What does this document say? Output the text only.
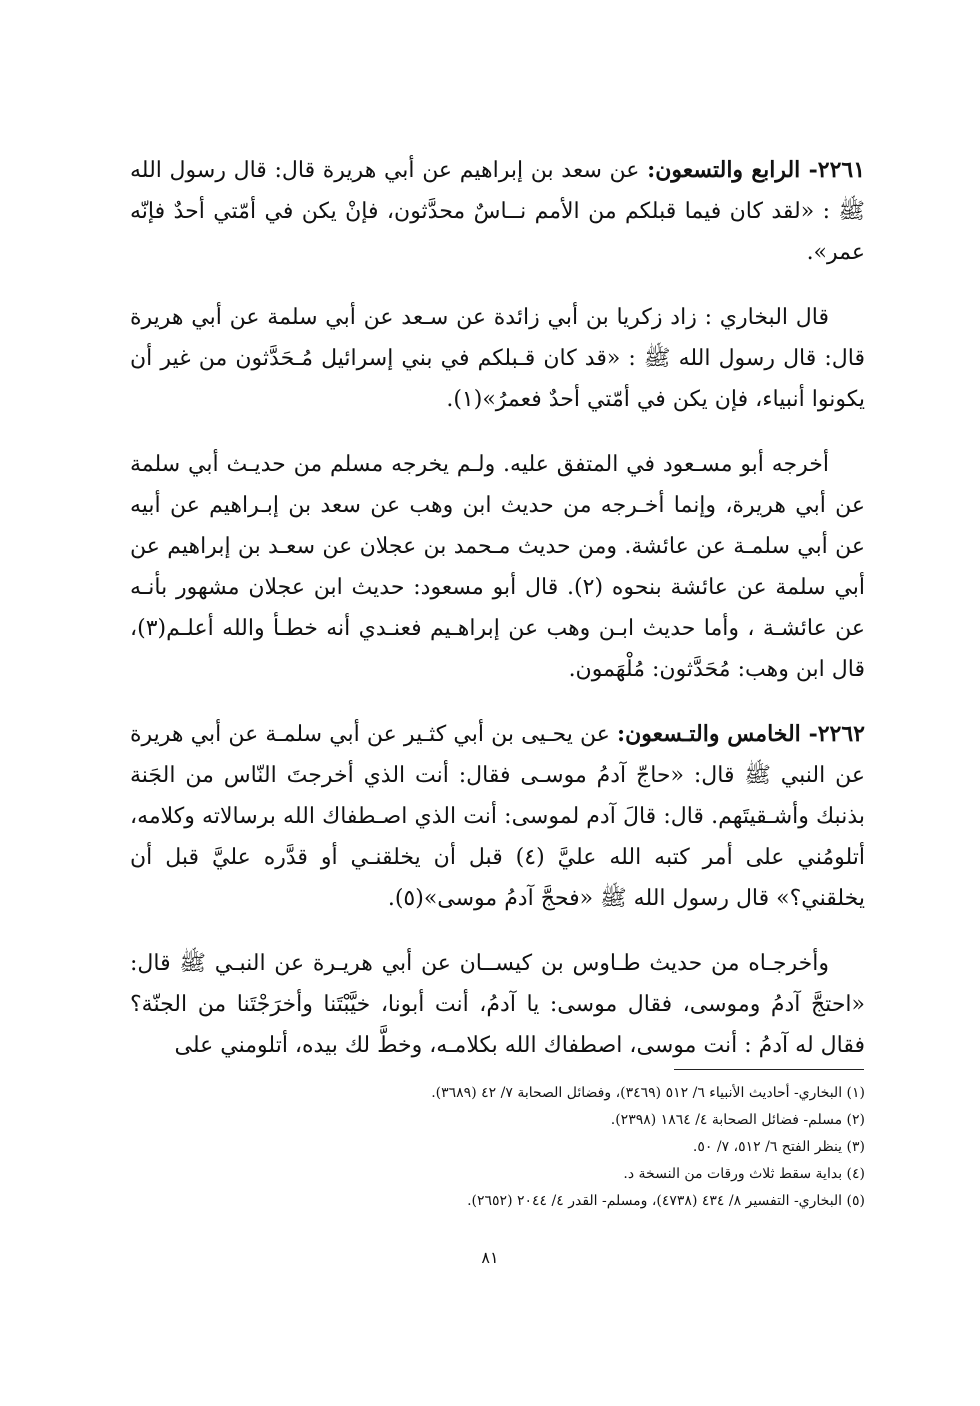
٢٢٦١- الرابع والتسعون: عن سعد بن إبراهيم عن أبي هريرة قال: قال رسول الله ﷺ : «لقد كان فيما قبلكم من الأمم نــاسٌ محدَّثون، فإنْ يكن في أمّتي أحدٌ فإنّه عمر».

قال البخاري : زاد زكريا بن أبي زائدة عن سـعد عن أبي سلمة عن أبي هريرة قال: قال رسول الله ﷺ : «قد كان قـبلكم في بني إسرائيل مُـحَدَّثون من غير أن يكونوا أنبياء، فإن يكن في أمّتي أحدٌ فعمرُ»(١).

أخرجه أبو مسـعود في المتفق عليه. ولـم يخرجه مسلم من حديـث أبي سلمة عن أبي هريرة، وإنما أخـرجه من حديث ابن وهب عن سعد بن إبـراهيم عن أبيه عن أبي سلمـة عن عائشة. ومن حديث مـحمد بن عجلان عن سعـد بن إبراهيم عن أبي سلمة عن عائشة بنحوه (٢). قال أبو مسعود: حديث ابن عجلان مشهور بأنـه عن عائشـة ، وأما حديث ابـن وهب عن إبراهـيم فعنـدي أنه خطـأ والله أعلـم(٣)، قال ابن وهب: مُحَدَّثون: مُلْهَمون.

٢٢٦٢- الخامس والتـسعون: عن يحـيى بن أبي كثـير عن أبي سلمـة عن أبي هريرة عن النبي ﷺ قال: «حاجّ آدمُ موسـى فقال: أنت الذي أخرجتَ النّاس من الجَنة بذنبك وأشـقيتَهم. قال: قالَ آدم لموسى: أنت الذي اصـطفاك الله برسالاته وكلامه، أتلومُني على أمر كتبه الله عليَّ (٤) قبل أن يخلقنـي أو قدَّره عليَّ قبل أن يخلقني؟» قال رسول الله ﷺ «فحجَّ آدمُ موسى»(٥).

وأخرجـاه من حديث طـاوس بن كيســان عن أبي هريـرة عن النبـي ﷺ قال: «احتجَّ آدمُ وموسى، فقال موسى: يا آدمُ، أنت أبونا، خيَّبْتَنا وأخرَجْتَنا من الجنّة؟ فقال له آدمُ : أنت موسى، اصطفاك الله بكلامـه، وخطَّ لك بيده، أتلومني على

(١) البخاري- أحاديث الأنبياء ٦/ ٥١٢ (٣٤٦٩)، وفضائل الصحابة ٧/ ٤٢ (٣٦٨٩).

(٢) مسلم- فضائل الصحابة ٤/ ١٨٦٤ (٢٣٩٨).

(٣) ينظر الفتح ٦/ ٥١٢، ٧/ ٥٠.

(٤) بداية سقط ثلاث ورقات من النسخة د.

(٥) البخاري- التفسير ٨/ ٤٣٤ (٤٧٣٨)، ومسلم- القدر ٤/ ٢٠٤٤ (٢٦٥٢).

٨١
